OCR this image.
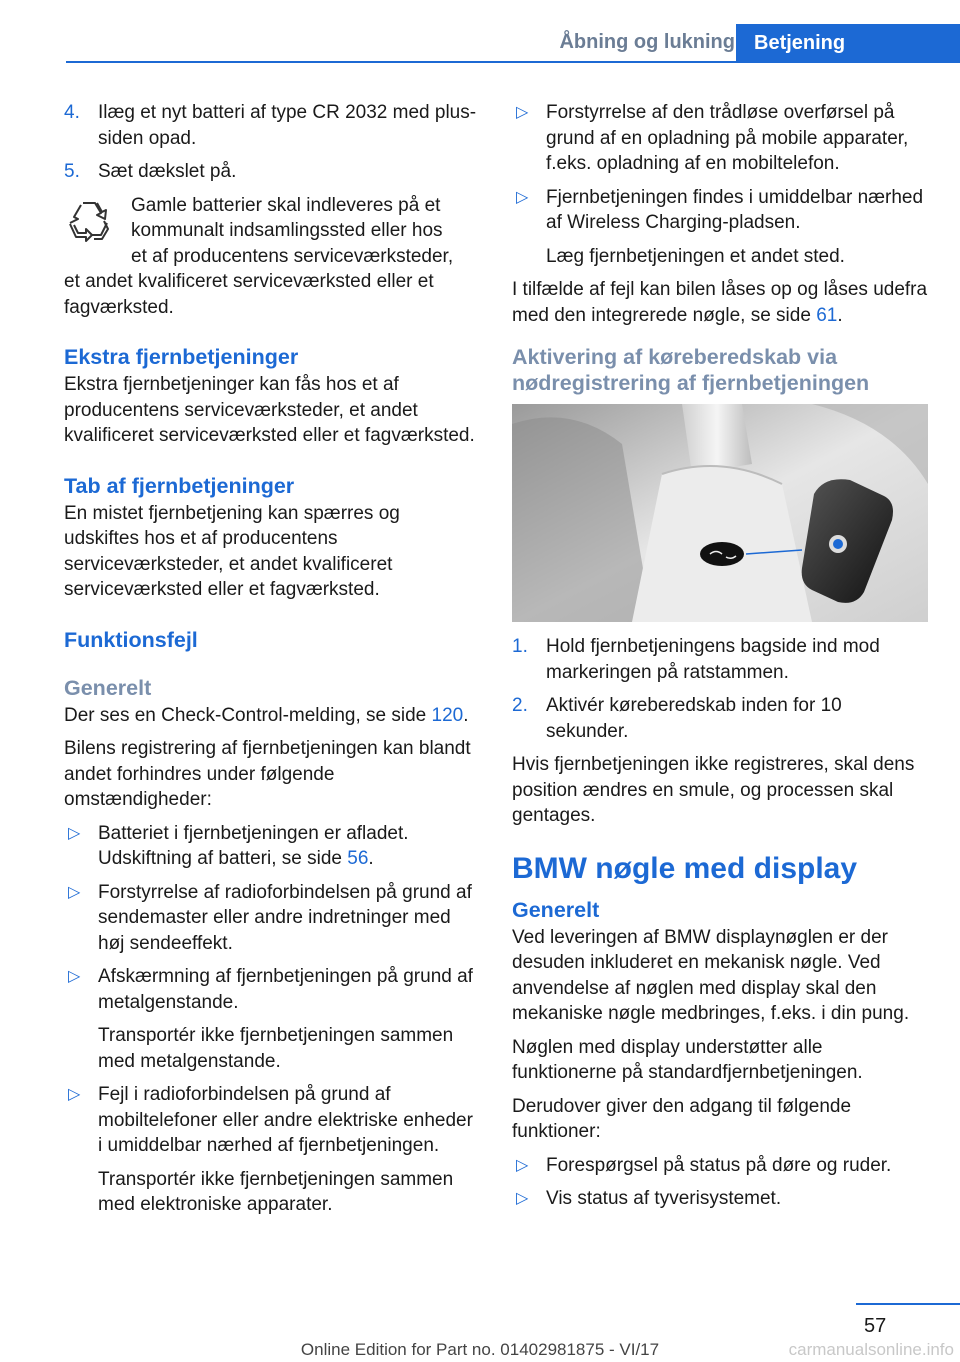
Åbning og lukning Betjening
4. Ilæg et nyt batteri af type CR 2032 med plus-siden opad.
5. Sæt dækslet på.
Gamle batterier skal indleveres på et
kommunalt indsamlingssted eller hos
et af producentens serviceværksteder,
et andet kvalificeret serviceværksted eller et fagværksted.
Ekstra fjernbetjeninger

Ekstra fjernbetjeninger kan fås hos et af producentens serviceværksteder, et andet kvalificeret serviceværksted eller et fagværksted.

Tab af fjernbetjeninger

En mistet fjernbetjening kan spærres og udskiftes hos et af producentens serviceværksteder, et andet kvalificeret serviceværksted eller et fagværksted.

Funktionsfejl
Generelt

Der ses en Check-Control-melding, se side 120.

Bilens registrering af fjernbetjeningen kan blandt andet forhindres under følgende omstændigheder:

▷ Batteriet i fjernbetjeningen er afladet. Udskiftning af batteri, se side 56.
▷ Forstyrrelse af radioforbindelsen på grund af sendemaster eller andre indretninger med høj sendeeffekt.
▷ Afskærmning af fjernbetjeningen på grund af metalgenstande.

Transportér ikke fjernbetjeningen sammen med metalgenstande.

▷ Fejl i radioforbindelsen på grund af mobiltelefoner eller andre elektriske enheder i umiddelbar nærhed af fjernbetjeningen.

Transportér ikke fjernbetjeningen sammen med elektroniske apparater.

▷ Forstyrrelse af den trådløse overførsel på grund af en opladning på mobile apparater, f.eks. opladning af en mobiltelefon.
▷ Fjernbetjeningen findes i umiddelbar nærhed af Wireless Charging-pladsen.

Læg fjernbetjeningen et andet sted.

I tilfælde af fejl kan bilen låses op og låses udefra med den integrerede nøgle, se side 61.

Aktivering af køreberedskab via nødregistrering af fjernbetjeningen
1. Hold fjernbetjeningens bagside ind mod markeringen på ratstammen.
2. Aktivér køreberedskab inden for 10 sekunder.

Hvis fjernbetjeningen ikke registreres, skal dens position ændres en smule, og processen skal gentages.

BMW nøgle med display
Generelt

Ved leveringen af BMW displaynøglen er der desuden inkluderet en mekanisk nøgle. Ved anvendelse af nøglen med display skal den mekaniske nøgle medbringes, f.eks. i din pung.

Nøglen med display understøtter alle funktionerne på standardfjernbetjeningen.

Derudover giver den adgang til følgende funktioner:

▷ Forespørgsel på status på døre og ruder.
▷ Vis status af tyverisystemet.
57
Online Edition for Part no. 01402981875 - VI/17	carmanualsonline.info
